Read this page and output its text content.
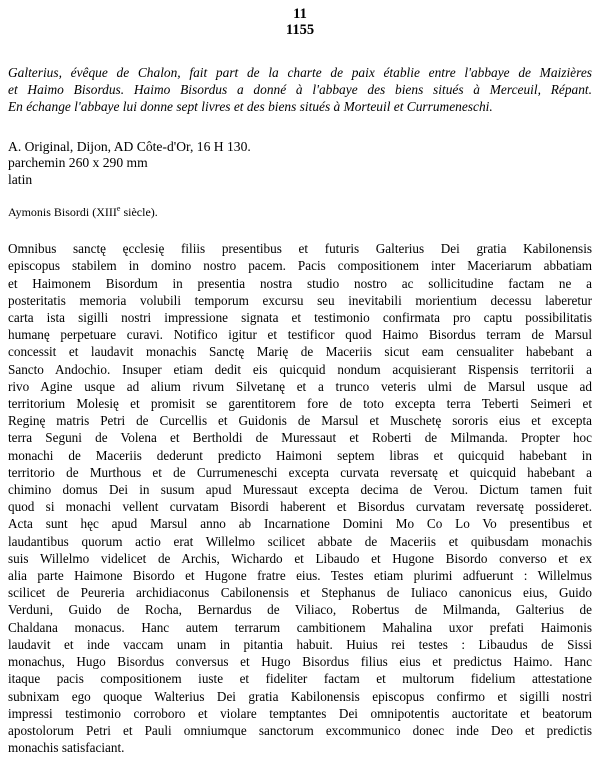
11
1155
Galterius, évêque de Chalon, fait part de la charte de paix établie entre l'abbaye de Maizières
et Haimo Bisordus. Haimo Bisordus a donné à l'abbaye des biens situés à Merceuil, Répant.
En échange l'abbaye lui donne sept livres et des biens situés à Morteuil et Currumeneschi.
A. Original, Dijon, AD Côte-d'Or, 16 H 130.
parchemin 260 x 290 mm
latin
Aymonis Bisordi (XIIIe siècle).
Omnibus sanctę ęcclesię filiis presentibus et futuris Galterius Dei gratia Kabilonensis
episcopus stabilem in domino nostro pacem. Pacis compositionem inter Maceriarum abbatiam
et Haimonem Bisordum in presentia nostra studio nostro ac sollicitudine factam ne a
posteritatis memoria volubili temporum excursu seu inevitabili morientium decessu laberetur
carta ista sigilli nostri impressione signata et testimonio confirmata pro captu possibilitatis
humanę perpetuare curavi. Notifico igitur et testificor quod Haimo Bisordus terram de Marsul
concessit et laudavit monachis Sanctę Marię de Maceriis sicut eam censualiter habebant a
Sancto Andochio. Insuper etiam dedit eis quicquid nondum acquisierant Rispensis territorii a
rivo Agine usque ad alium rivum Silvetanę et a trunco veteris ulmi de Marsul usque ad
territorium Molesię et promisit se garentitorem fore de toto excepta terra Teberti Seimeri et
Reginę matris Petri de Curcellis et Guidonis de Marsul et Muschetę sororis eius et excepta
terra Seguni de Volena et Bertholdi de Muressaut et Roberti de Milmanda. Propter hoc
monachi de Maceriis dederunt predicto Haimoni septem libras et quicquid habebant in
territorio de Murthous et de Currumeneschi excepta curvata reversatę et quicquid habebant a
chimino domus Dei in susum apud Muressaut excepta decima de Verou. Dictum tamen fuit
quod si monachi vellent curvatam Bisordi haberent et Bisordus curvatam reversatę possideret.
Acta sunt hęc apud Marsul anno ab Incarnatione Domini Mo Co Lo Vo presentibus et
laudantibus quorum actio erat Willelmo scilicet abbate de Maceriis et quibusdam monachis
suis Willelmo videlicet de Archis, Wichardo et Libaudo et Hugone Bisordo converso et ex
alia parte Haimone Bisordo et Hugone fratre eius. Testes etiam plurimi adfuerunt : Willelmus
scilicet de Peureria archidiaconus Cabilonensis et Stephanus de Iuliaco canonicus eius, Guido
Verduni, Guido de Rocha, Bernardus de Viliaco, Robertus de Milmanda, Galterius de
Chaldana monacus. Hanc autem terrarum cambitionem Mahalina uxor prefati Haimonis
laudavit et inde vaccam unam in pitantia habuit. Huius rei testes : Libaudus de Sissi
monachus, Hugo Bisordus conversus et Hugo Bisordus filius eius et predictus Haimo. Hanc
itaque pacis compositionem iuste et fideliter factam et multorum fidelium attestatione
subnixam ego quoque Walterius Dei gratia Kabilonensis episcopus confirmo et sigilli nostri
impressi testimonio corroboro et violare temptantes Dei omnipotentis auctoritate et beatorum
apostolorum Petri et Pauli omniumque sanctorum excommunico donec inde Deo et predictis
monachis satisfaciant.
